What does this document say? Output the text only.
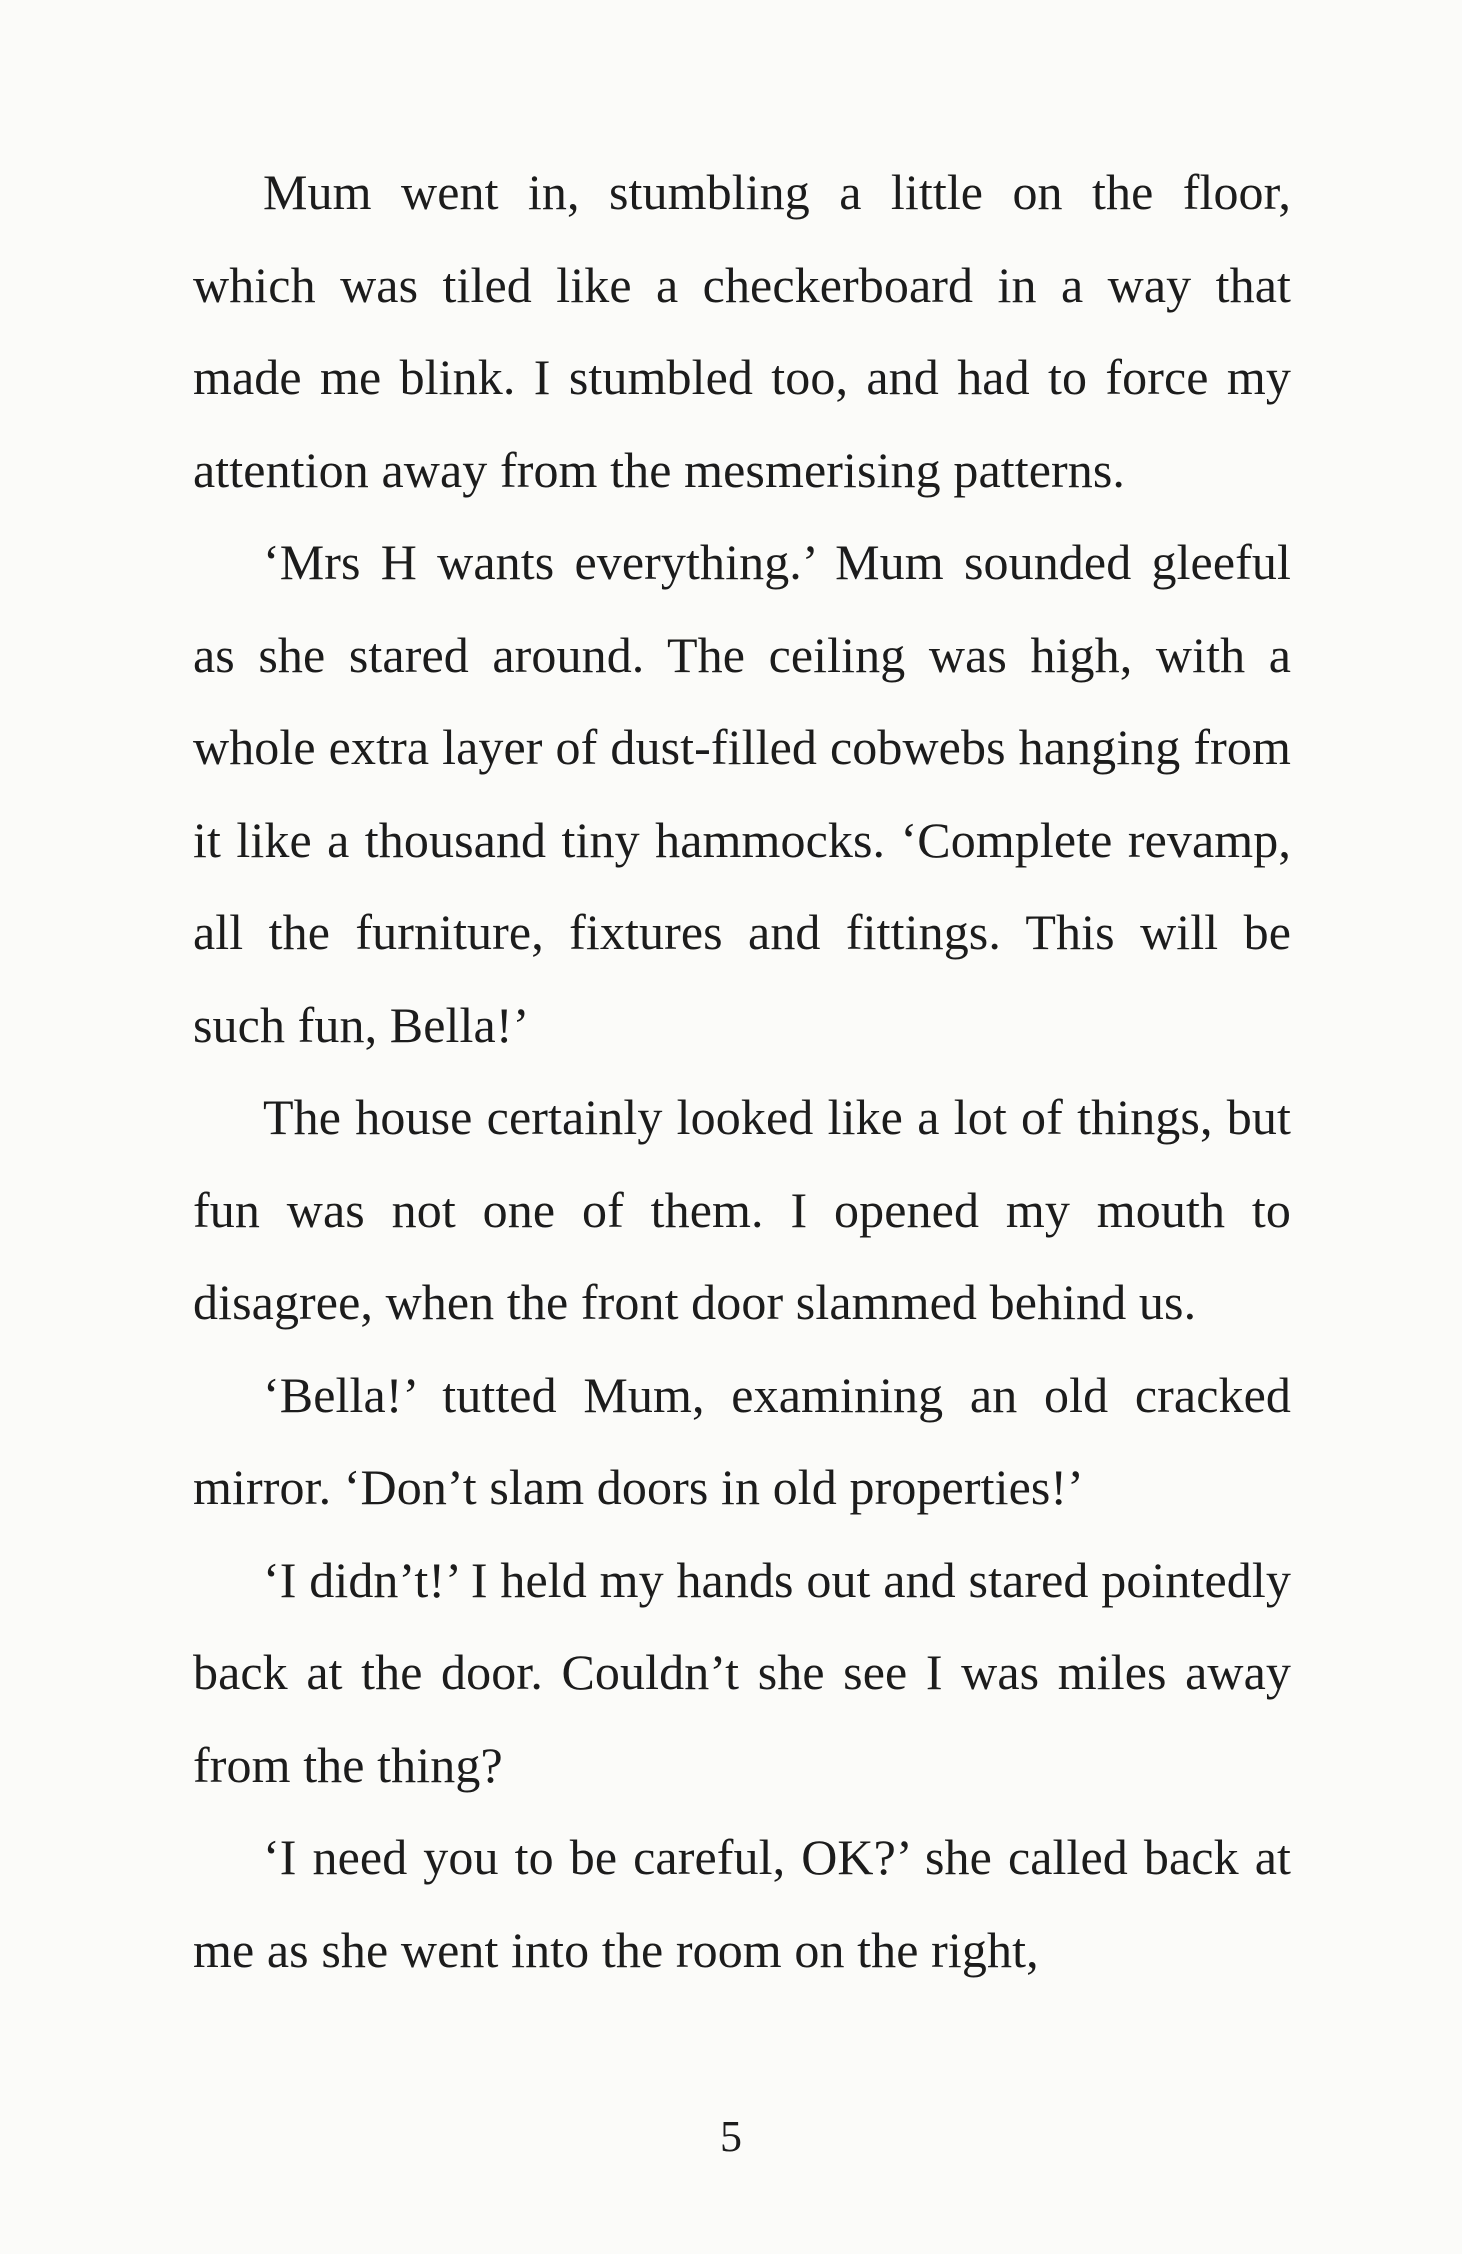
Mum went in, stumbling a little on the floor, which was tiled like a checkerboard in a way that made me blink. I stumbled too, and had to force my attention away from the mesmerising patterns.

‘Mrs H wants everything.’ Mum sounded gleeful as she stared around. The ceiling was high, with a whole extra layer of dust-filled cobwebs hanging from it like a thousand tiny hammocks. ‘Complete revamp, all the furniture, fixtures and fittings. This will be such fun, Bella!’

The house certainly looked like a lot of things, but fun was not one of them. I opened my mouth to disagree, when the front door slammed behind us.

‘Bella!’ tutted Mum, examining an old cracked mirror. ‘Don’t slam doors in old properties!’

‘I didn’t!’ I held my hands out and stared pointedly back at the door. Couldn’t she see I was miles away from the thing?

‘I need you to be careful, OK?’ she called back at me as she went into the room on the right,

5
